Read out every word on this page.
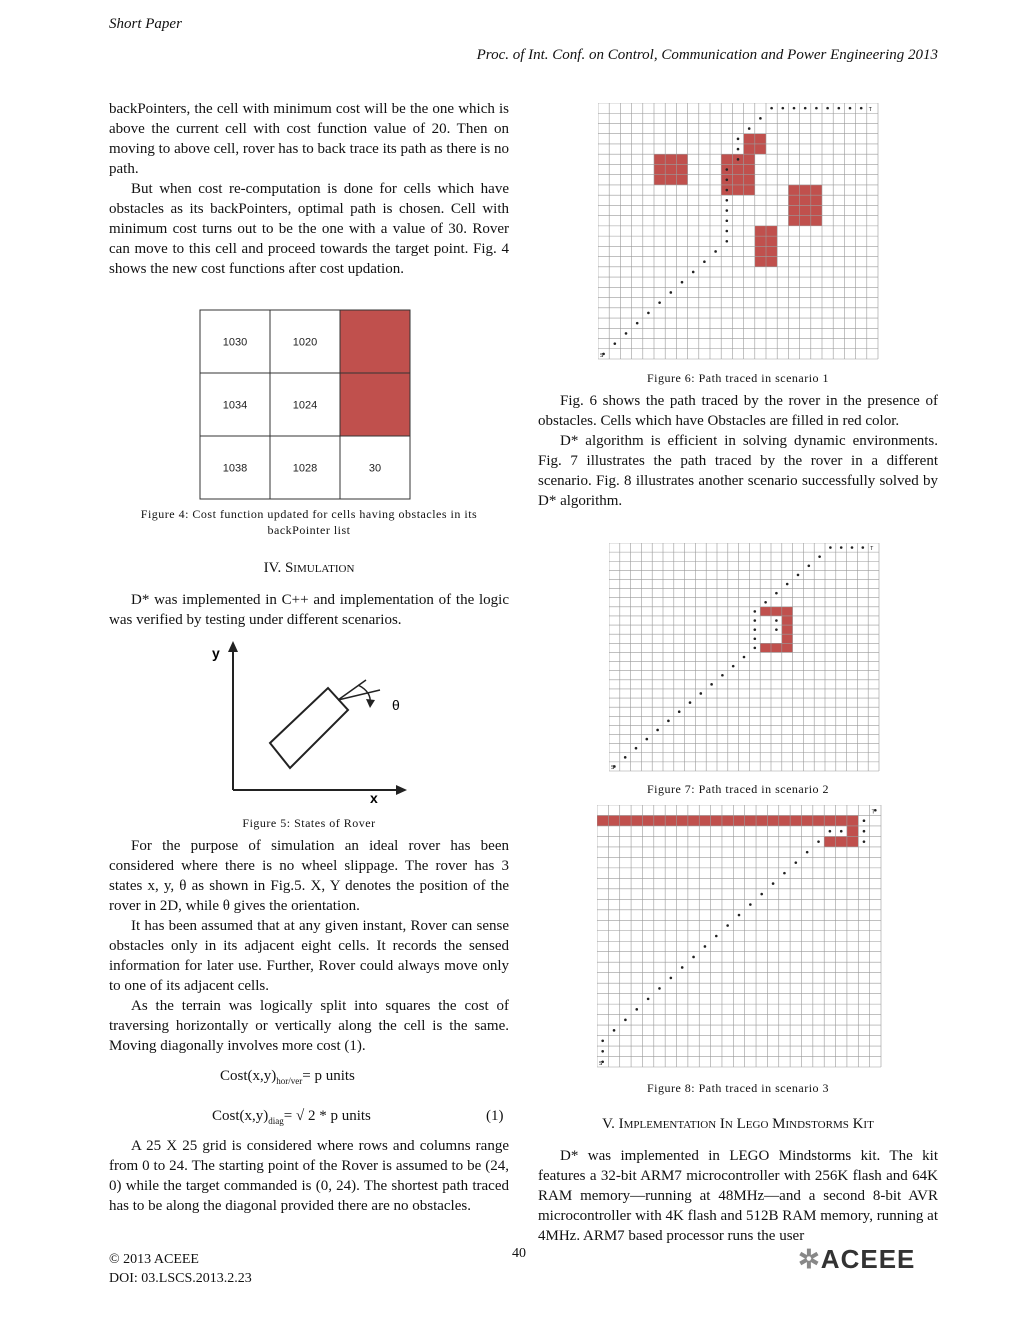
Short Paper
Proc. of Int. Conf. on Control, Communication and Power Engineering 2013

backPointers, the cell with minimum cost will be the one which is above the current cell with cost function value of 20. Then on moving to above cell, rover has to back trace its path as there is no path.

But when cost re-computation is done for cells which have obstacles as its backPointers, optimal path is chosen. Cell with minimum cost turns out to be the one with a value of 30. Rover can move to this cell and proceed towards the target point. Fig. 4 shows the new cost functions after cost updation.

1030	1020
1034	1024
1038	1028	30
Figure 4: Cost function updated for cells having obstacles in its backPointer list
IV. Simulation

D* was implemented in C++ and implementation of the logic was verified by testing under different scenarios.

y
x
θ
Figure 5: States of Rover

For the purpose of simulation an ideal rover has been considered where there is no wheel slippage. The rover has 3 states x, y, θ as shown in Fig.5. X, Y denotes the position of the rover in 2D, while θ gives the orientation.

It has been assumed that at any given instant, Rover can sense obstacles only in its adjacent eight cells. It records the sensed information for later use. Further, Rover could always move only to one of its adjacent cells.

As the terrain was logically split into squares the cost of traversing horizontally or vertically along the cell is the same. Moving diagonally involves more cost (1).

$Cost(x,y)_{hor/ver}= p$ units
$Cost(x,y)_{diag}=$ √ 2 * p units	(1)

A 25 X 25 grid is considered where rows and columns range from 0 to 24. The starting point of the Rover is assumed to be (24, 0) while the target commanded is (0, 24). The shortest path traced has to be along the diagonal provided there are no obstacles.

S
T
Figure 6: Path traced in scenario 1

Fig. 6 shows the path traced by the rover in the presence of obstacles. Cells which have Obstacles are filled in red color.

D* algorithm is efficient in solving dynamic environments. Fig. 7 illustrates the path traced by the rover in a different scenario. Fig. 8 illustrates another scenario successfully solved by D* algorithm.

S
T
Figure 7: Path traced in scenario 2
S
T
Figure 8: Path traced in scenario 3
V. Implementation In Lego Mindstorms Kit

D* was implemented in LEGO Mindstorms kit. The kit features a 32-bit ARM7 microcontroller with 256K flash and 64K RAM memory—running at 48MHz—and a second 8-bit AVR microcontroller with 4K flash and 512B RAM memory, running at 4MHz. ARM7 based processor runs the user

© 2013 ACEEE
DOI: 03.LSCS.2013.2.23
40	✲ACEEE
